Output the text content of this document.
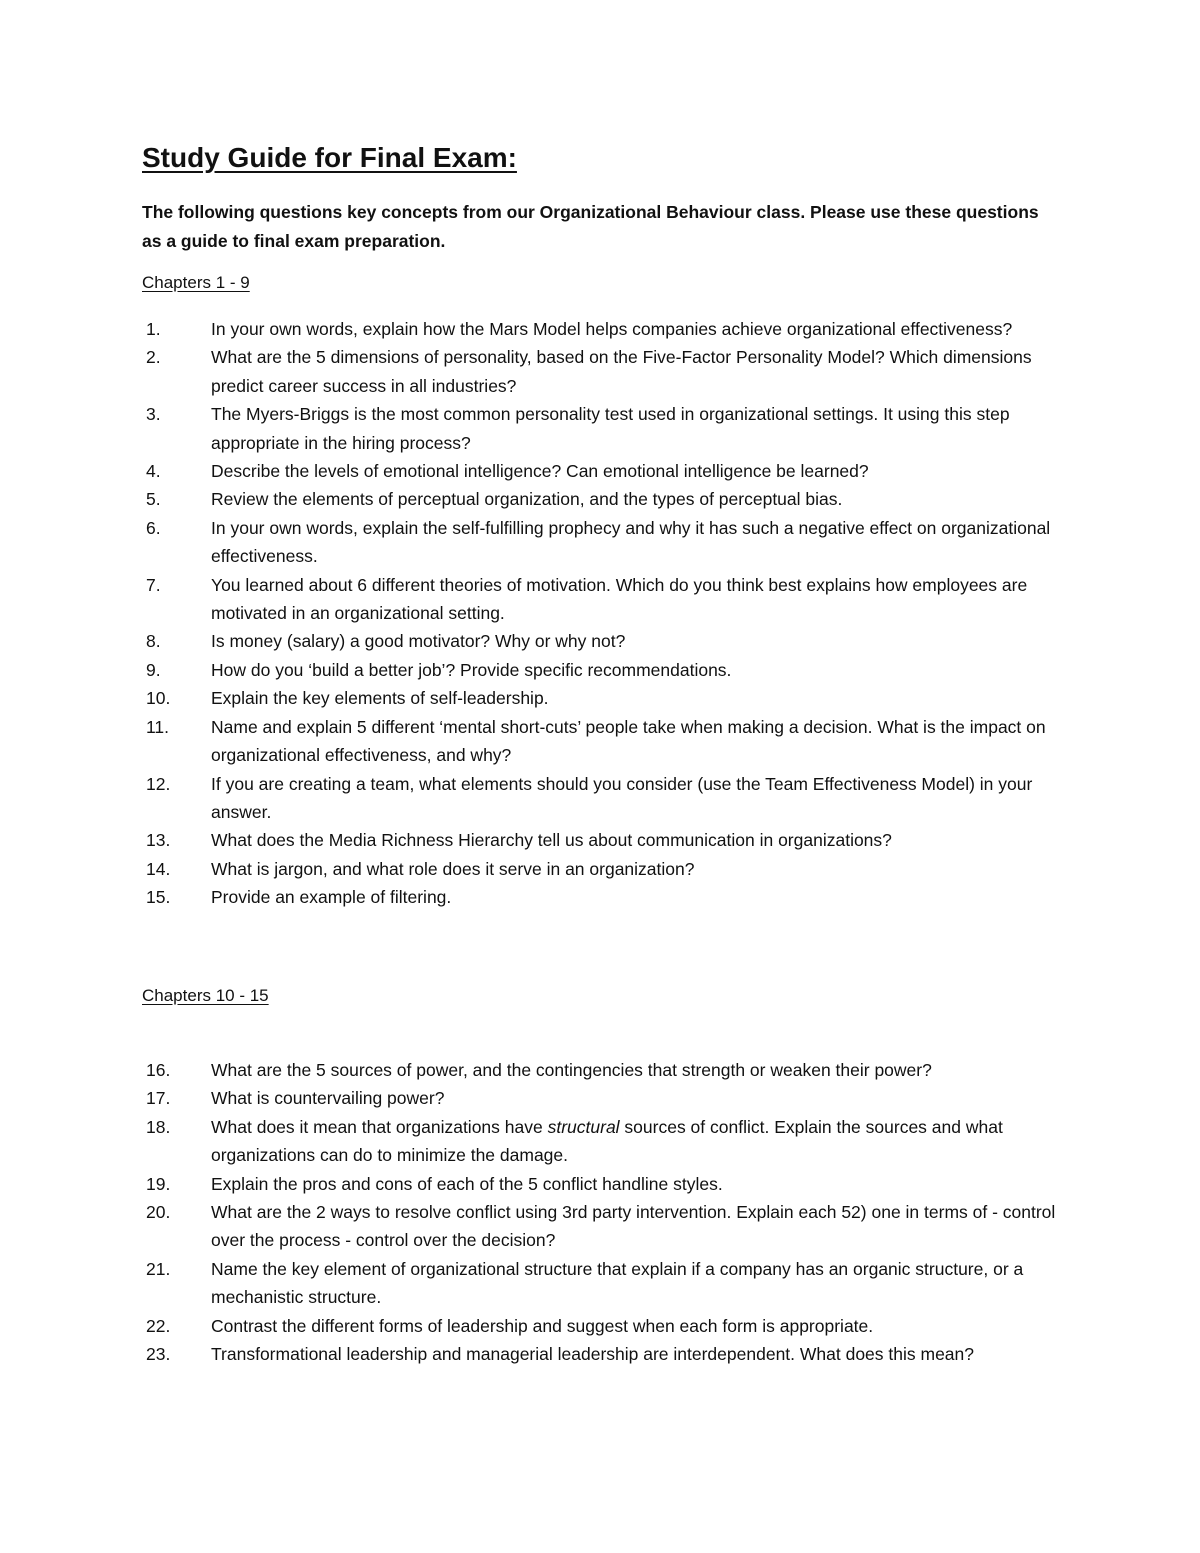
Study Guide for Final Exam:

The following questions key concepts from our Organizational Behaviour class. Please use these questions as a guide to final exam preparation.

Chapters 1 - 9

1.	In your own words, explain how the Mars Model helps companies achieve organizational effectiveness?
2.	What are the 5 dimensions of personality, based on the Five-Factor Personality Model? Which dimensions predict career success in all industries?
3.	The Myers-Briggs is the most common personality test used in organizational settings. It using this step appropriate in the hiring process?
4.	Describe the levels of emotional intelligence? Can emotional intelligence be learned?
5.	Review the elements of perceptual organization, and the types of perceptual bias.
6.	In your own words, explain the self-fulfilling prophecy and why it has such a negative effect on organizational effectiveness.
7.	You learned about 6 different theories of motivation. Which do you think best explains how employees are motivated in an organizational setting.
8.	Is money (salary) a good motivator? Why or why not?
9.	How do you ‘build a better job’? Provide specific recommendations.
10.	Explain the key elements of self-leadership.
11.	Name and explain 5 different ‘mental short-cuts’ people take when making a decision. What is the impact on organizational effectiveness, and why?
12.	If you are creating a team, what elements should you consider (use the Team Effectiveness Model) in your answer.
13.	What does the Media Richness Hierarchy tell us about communication in organizations?
14.	What is jargon, and what role does it serve in an organization?
15.	Provide an example of filtering.

Chapters 10 - 15

16.	What are the 5 sources of power, and the contingencies that strength or weaken their power?
17.	What is countervailing power?
18.	What does it mean that organizations have structural sources of conflict. Explain the sources and what organizations can do to minimize the damage.
19.	Explain the pros and cons of each of the 5 conflict handline styles.
20.	What are the 2 ways to resolve conflict using 3rd party intervention. Explain each 52) one in terms of - control over the process - control over the decision?
21.	Name the key element of organizational structure that explain if a company has an organic structure, or a mechanistic structure.
22.	Contrast the different forms of leadership and suggest when each form is appropriate.
23.	Transformational leadership and managerial leadership are interdependent. What does this mean?
